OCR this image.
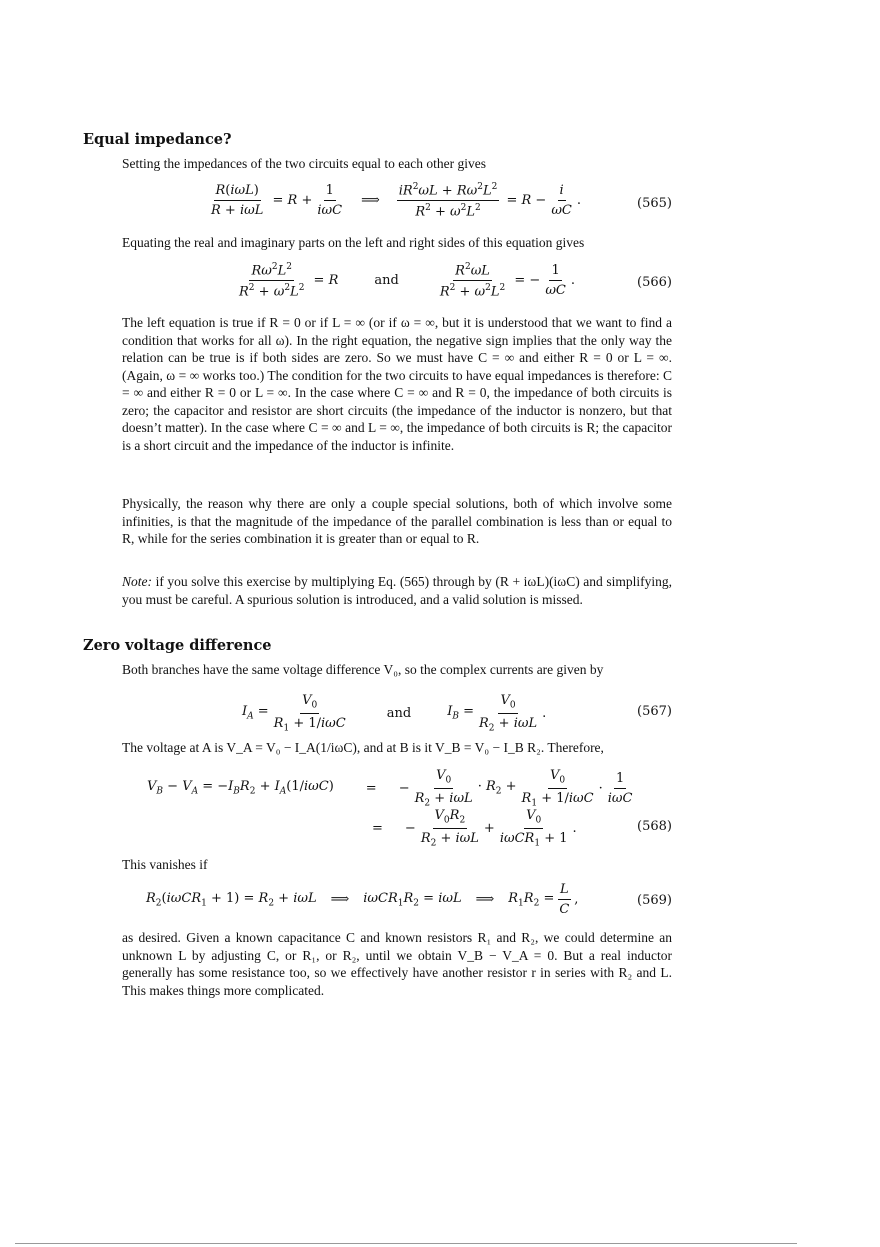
Equal impedance?
Setting the impedances of the two circuits equal to each other gives
$\frac{\text{R(iωL)}}{\text{R + iωL}} = R + \frac{1}{\text{iωC}}$ ⟹ $\frac{iR^2\omega L + R\omega^2L^2}{R^2 + \omega^2L^2} = R - \frac{i}{\omega C}$ .	(565)
Equating the real and imaginary parts on the left and right sides of this equation gives
$\frac{R\omega^2L^2}{R^2 + \omega^2L^2} = R$	and	$\frac{R^2\omega L}{R^2 + \omega^2L^2}$ = − $\frac{1}{\omega C}$ .	(566)
The left equation is true if R = 0 or if L = ∞ (or if ω = ∞, but it is understood that we want to find a condition that works for all ω). In the right equation, the negative sign implies that the only way the relation can be true is if both sides are zero. So we must have C = ∞ and either R = 0 or L = ∞. (Again, ω = ∞ works too.) The condition for the two circuits to have equal impedances is therefore: C = ∞ and either R = 0 or L = ∞. In the case where C = ∞ and R = 0, the impedance of both circuits is zero; the capacitor and resistor are short circuits (the impedance of the inductor is nonzero, but that doesn’t matter). In the case where C = ∞ and L = ∞, the impedance of both circuits is R; the capacitor is a short circuit and the impedance of the inductor is infinite.
Physically, the reason why there are only a couple special solutions, both of which involve some infinities, is that the magnitude of the impedance of the parallel combination is less than or equal to R, while for the series combination it is greater than or equal to R.
Note: if you solve this exercise by multiplying Eq. (565) through by (R + iωL)(iωC) and simplifying, you must be careful. A spurious solution is introduced, and a valid solution is missed.
Zero voltage difference
Both branches have the same voltage difference V₀, so the complex currents are given by
$I_A = \frac{V_0}{R_1 + 1/i\omega C}$	and	$I_B = \frac{V_0}{R_2 + i\omega L}$ .	(567)
The voltage at A is V_A = V₀ − I_A(1/iωC), and at B is it V_B = V₀ − I_B R₂. Therefore,
$V_B - V_A = -I_BR_2 + I_A(1/i\omega C)$ = − $\frac{V_0}{R_2 + i\omega L} \cdot R_2 + \frac{V_0}{R_1 + 1/i\omega C} \cdot \frac{1}{\text{iωC}}$
= − $\frac{V_0R_2}{R_2 + i\omega L} + \frac{V_0}{i\omega CR_1 + 1}$ .	(568)
This vanishes if
$R_2(i\omega CR_1 + 1) = R_2 + i\omega L$ ⟹ $i\omega CR_1R_2 = i\omega L$ ⟹ $R_1R_2 = \frac{L}{C}$ ,	(569)
as desired. Given a known capacitance C and known resistors R₁ and R₂, we could determine an unknown L by adjusting C, or R₁, or R₂, until we obtain V_B − V_A = 0. But a real inductor generally has some resistance too, so we effectively have another resistor r in series with R₂ and L. This makes things more complicated.
